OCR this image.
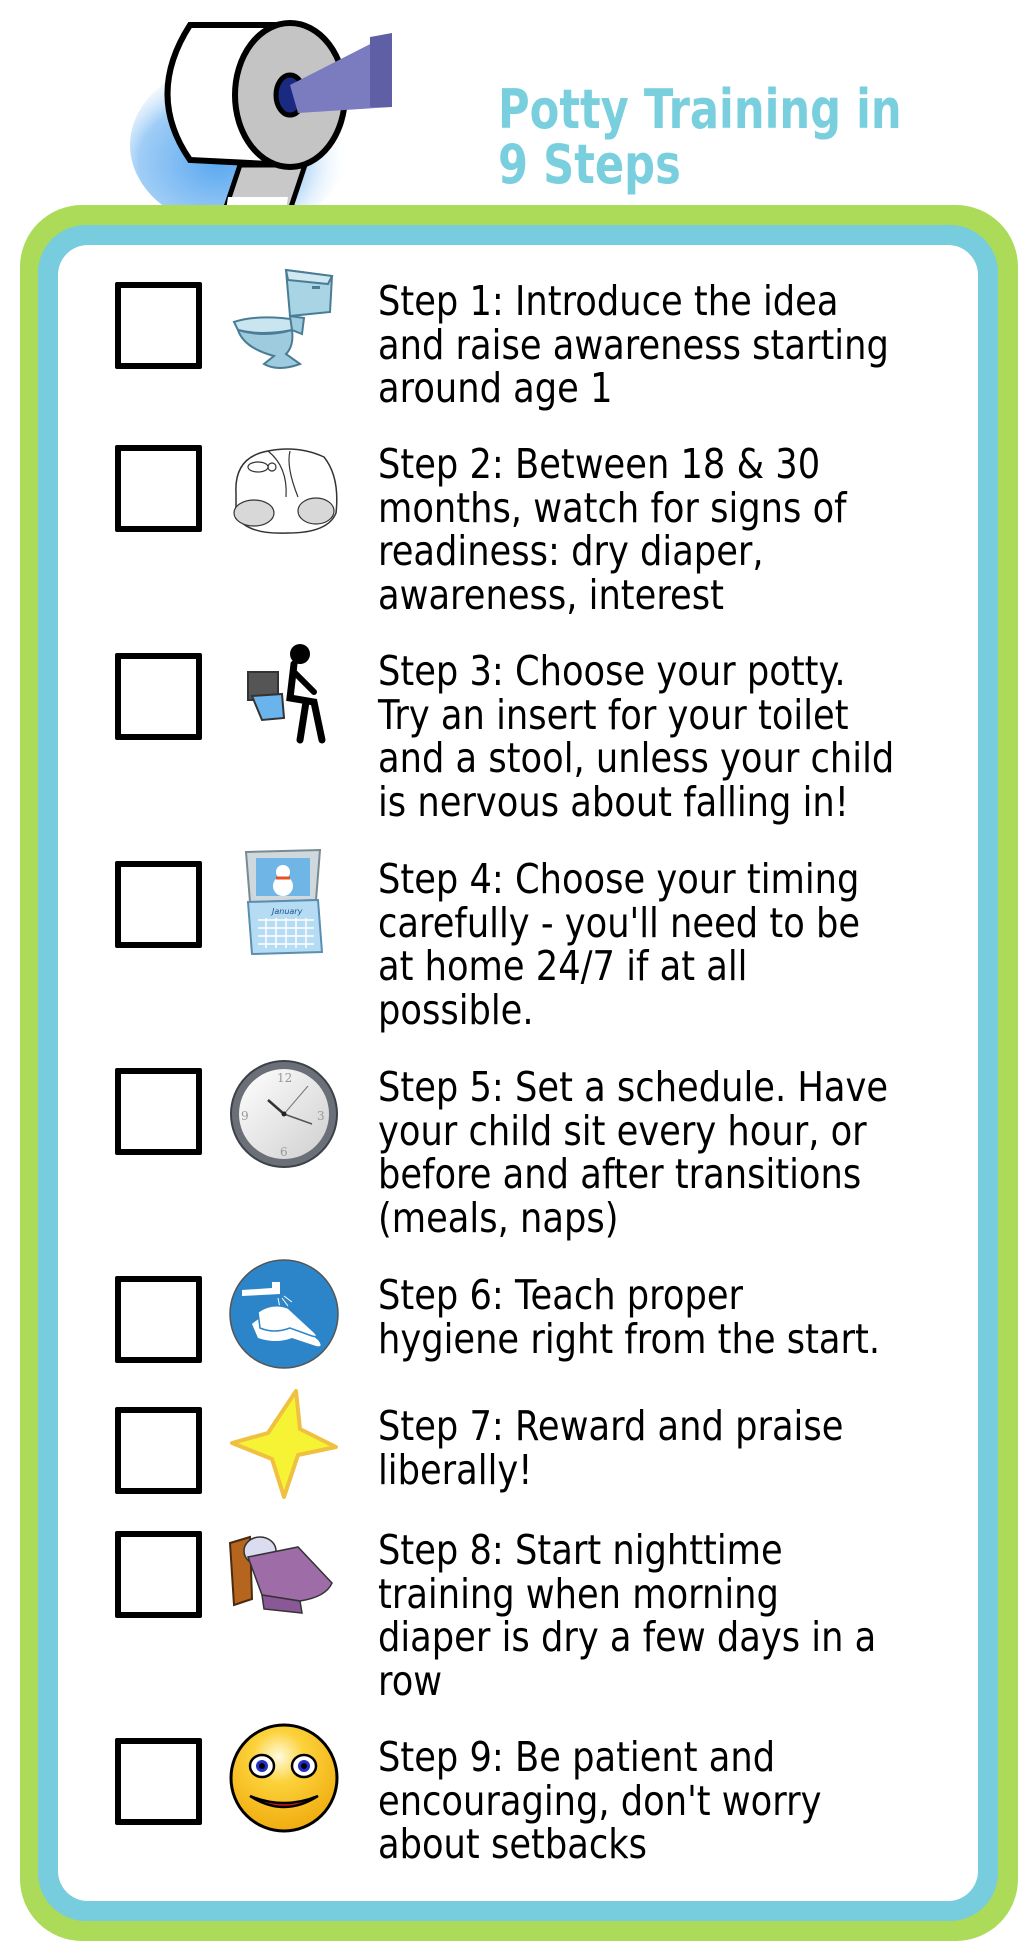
Potty Training in
9 Steps
Step 1: Introduce the idea
and raise awareness starting
around age 1
Step 2: Between 18 & 30
months, watch for signs of
readiness: dry diaper,
awareness, interest
Step 3: Choose your potty.
Try an insert for your toilet
and a stool, unless your child
is nervous about falling in!
January
Step 4: Choose your timing
carefully - you'll need to be
at home 24/7 if at all
possible.
12
3
6
9
Step 5: Set a schedule. Have
your child sit every hour, or
before and after transitions
(meals, naps)
Step 6: Teach proper
hygiene right from the start.
Step 7: Reward and praise
liberally!
Step 8: Start nighttime
training when morning
diaper is dry a few days in a
row
Step 9: Be patient and
encouraging, don't worry
about setbacks
